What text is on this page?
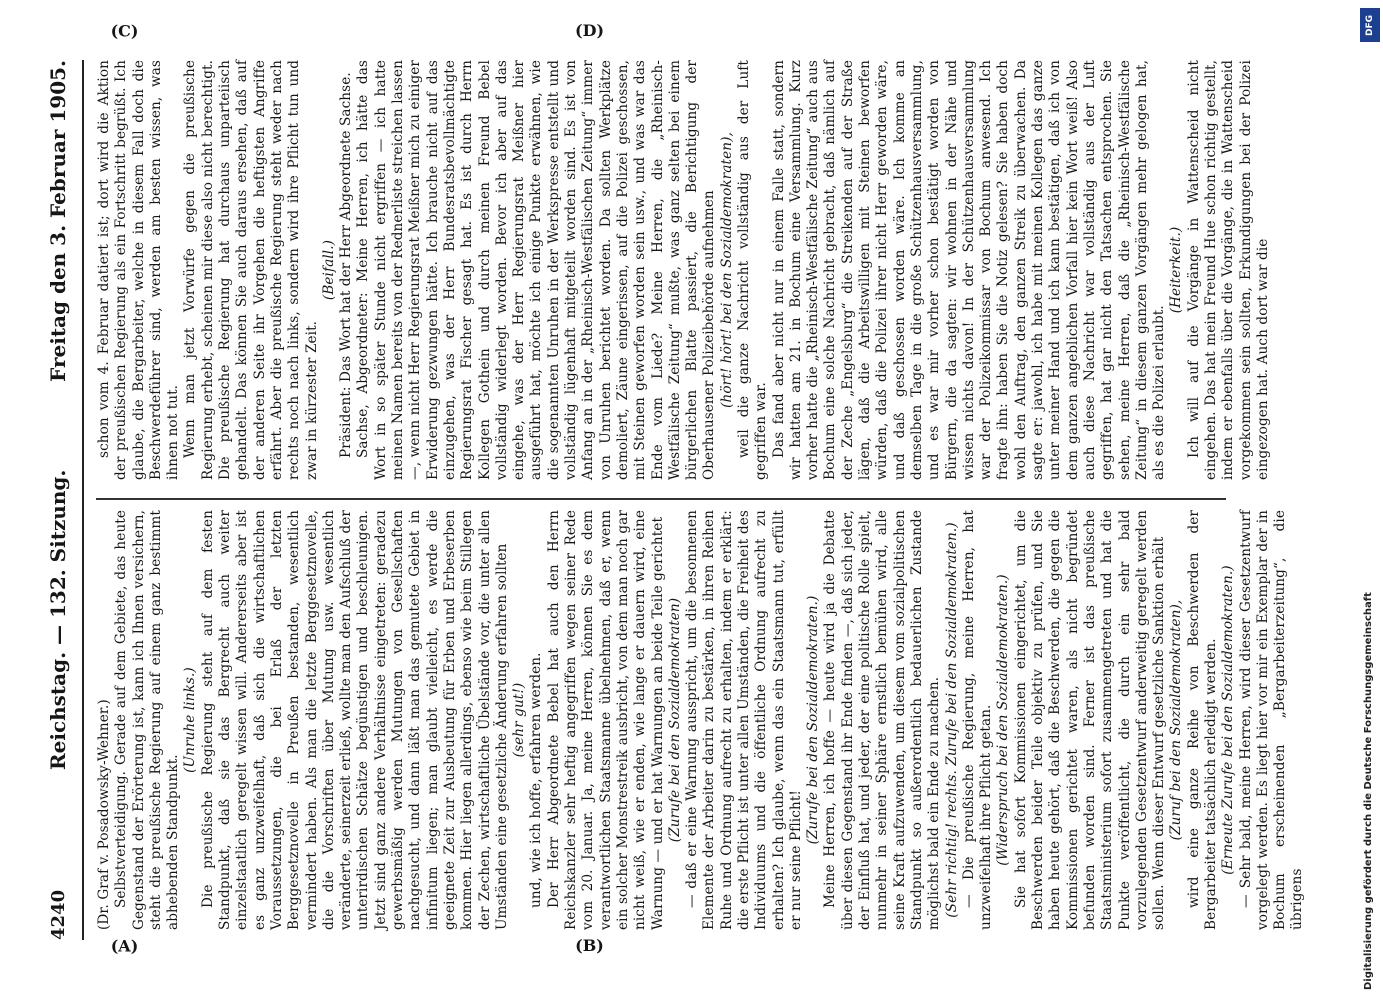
4240
Reichstag. — 132. Sitzung.
Freitag den 3. Februar 1905.
(A)	(B)
(C)	(D)

(Dr. Graf v. Posadowsky-Wehner.) Selbstverteidigung. Gerade auf dem Gebiete, das heute Gegenstand der Erörterung ist, kann ich Ihnen versichern, steht die preußische Regierung auf einem ganz bestimmt abhebenden Standpunkt.

(Unruhe links.) Die preußische Regierung steht auf dem festen Standpunkt, daß sie das Bergrecht auch weiter einzelstaatlich geregelt wissen will. Andererseits aber ist es ganz unzweifelhaft, daß sich die wirtschaftlichen Voraussetzungen, die bei Erlaß der letzten Berggesetznovelle in Preußen bestanden, wesentlich vermindert haben. Als man die letzte Berggesetznovelle, die die Vorschriften über Mutung usw. wesentlich veränderte, seinerzeit erließ, wollte man den Aufschluß der unterirdischen Schätze begünstigen und beschleunigen. Jetzt sind ganz andere Verhältnisse eingetreten: geradezu gewerbsmäßig werden Mutungen von Gesellschaften nachgesucht, und dann läßt man das gemutete Gebiet in infinitum liegen; man glaubt vielleicht, es werde die geeignete Zeit zur Ausbeutung für Erben und Erbeserben kommen. Hier liegen allerdings, ebenso wie beim Stillegen der Zechen, wirtschaftliche Übelstände vor, die unter allen Umständen eine gesetzliche Änderung erfahren sollten (sehr gut!) und, wie ich hoffe, erfahren werden. Der Herr Abgeordnete Bebel hat auch den Herrn Reichskanzler sehr heftig angegriffen wegen seiner Rede vom 20. Januar. Ja, meine Herren, können Sie es dem verantwortlichen Staatsmanne übelnehmen, daß er, wenn ein solcher Monstrestreik ausbricht, von dem man noch gar nicht weiß, wie er enden, wie lange er dauern wird, eine Warnung — und er hat Warnungen an beide Teile gerichtet (Zurufe bei den Sozialdemokraten) — daß er eine Warnung ausspricht, um die besonnenen Elemente der Arbeiter darin zu bestärken, in ihren Reihen Ruhe und Ordnung aufrecht zu erhalten, indem er erklärt: die erste Pflicht ist unter allen Umständen, die Freiheit des Individuums und die öffentliche Ordnung aufrecht zu erhalten? Ich glaube, wenn das ein Staatsmann tut, erfüllt er nur seine Pflicht!

(Zurufe bei den Sozialdemokraten.) Meine Herren, ich hoffe — heute wird ja die Debatte über diesen Gegenstand ihr Ende finden —, daß sich jeder, der Einfluß hat, und jeder, der eine politische Rolle spielt, nunmehr in seiner Sphäre ernstlich bemühen wird, alle seine Kraft aufzuwenden, um diesem vom sozialpolitischen Standpunkt so außerordentlich bedauerlichen Zustande möglichst bald ein Ende zu machen. (Sehr richtig! rechts. Zurufe bei den Sozialdemokraten.) — Die preußische Regierung, meine Herren, hat unzweifelhaft ihre Pflicht getan. (Widerspruch bei den Sozialdemokraten.) Sie hat sofort Kommissionen eingerichtet, um die Beschwerden beider Teile objektiv zu prüfen, und Sie haben heute gehört, daß die Beschwerden, die gegen die Kommissionen gerichtet waren, als nicht begründet befunden worden sind. Ferner ist das preußische Staatsministerium sofort zusammengetreten und hat die Punkte veröffentlicht, die durch ein sehr bald vorzulegenden Gesetzentwurf anderweitig geregelt werden sollen. Wenn dieser Entwurf gesetzliche Sanktion erhält (Zuruf bei den Sozialdemokraten), wird eine ganze Reihe von Beschwerden der Bergarbeiter tatsächlich erledigt werden. (Erneute Zurufe bei den Sozialdemokraten.) — Sehr bald, meine Herren, wird dieser Gesetzentwurf vorgelegt werden. Es liegt hier vor mir ein Exemplar der in Bochum erscheinenden „Bergarbeiterzeitung“, die übrigens

schon vom 4. Februar datiert ist; dort wird die Aktion der preußischen Regierung als ein Fortschritt begrüßt. Ich glaube, die Bergarbeiter, welche in diesem Fall doch die Beschwerdeführer sind, werden am besten wissen, was ihnen not tut. Wenn man jetzt Vorwürfe gegen die preußische Regierung erhebt, scheinen mir diese also nicht berechtigt. Die preußische Regierung hat durchaus unparteiisch gehandelt. Das können Sie auch daraus ersehen, daß auf der anderen Seite ihr Vorgehen die heftigsten Angriffe erfährt. Aber die preußische Regierung steht weder nach rechts noch nach links, sondern wird ihre Pflicht tun und zwar in kürzester Zeit.

(Beifall.) Präsident: Das Wort hat der Herr Abgeordnete Sachse. Sachse, Abgeordneter: Meine Herren, ich hätte das Wort in so später Stunde nicht ergriffen — ich hatte meinen Namen bereits von der Rednerliste streichen lassen —, wenn nicht Herr Regierungsrat Meißner mich zu einiger Erwiderung gezwungen hätte. Ich brauche nicht auf das einzugehen, was der Herr Bundesratsbevollmächtigte Regierungsrat Fischer gesagt hat. Es ist durch Herrn Kollegen Gothein und durch meinen Freund Bebel vollständig widerlegt worden. Bevor ich aber auf das eingehe, was der Herr Regierungsrat Meißner hier ausgeführt hat, möchte ich einige Punkte erwähnen, wie die sogenannten Unruhen in der Werkspresse entstellt und vollständig lügenhaft mitgeteilt worden sind. Es ist von Anfang an in der „Rheinisch-Westfälischen Zeitung“ immer von Unruhen berichtet worden. Da sollten Werkplätze demoliert, Zäune eingerissen, auf die Polizei geschossen, mit Steinen geworfen worden sein usw., und was war das Ende vom Liede? Meine Herren, die „Rheinisch-Westfälische Zeitung“ mußte, was ganz selten bei einem bürgerlichen Blatte passiert, die Berichtigung der Oberhausener Polizeibehörde aufnehmen (hört! hört! bei den Sozialdemokraten), weil die ganze Nachricht vollständig aus der Luft gegriffen war. Das fand aber nicht nur in einem Falle statt, sondern wir hatten am 21. in Bochum eine Versammlung. Kurz vorher hatte die „Rheinisch-Westfälische Zeitung“ auch aus Bochum eine solche Nachricht gebracht, daß nämlich auf der Zeche „Engelsburg“ die Streikenden auf der Straße lägen, daß die Arbeitswilligen mit Steinen beworfen würden, daß die Polizei ihrer nicht Herr geworden wäre, und daß geschossen worden wäre. Ich komme an demselben Tage in die große Schützenhausversammlung, und es war mir vorher schon bestätigt worden von Bürgern, die da sagten: wir wohnen in der Nähe und wissen nichts davon! In der Schützenhausversammlung war der Polizeikommissar von Bochum anwesend. Ich fragte ihn: haben Sie die Notiz gelesen? Sie haben doch wohl den Auftrag, den ganzen Streik zu überwachen. Da sagte er: jawohl, ich habe mit meinen Kollegen das ganze unter meiner Hand und ich kann bestätigen, daß ich von dem ganzen angeblichen Vorfall hier kein Wort weiß! Also auch diese Nachricht war vollständig aus der Luft gegriffen, hat gar nicht den Tatsachen entsprochen. Sie sehen, meine Herren, daß die „Rheinisch-Westfälische Zeitung“ in diesem ganzen Vorgängen mehr gelogen hat, als es die Polizei erlaubt.

(Heiterkeit.) Ich will auf die Vorgänge in Wattenscheid nicht eingehen. Das hat mein Freund Hue schon richtig gestellt, indem er ebenfalls über die Vorgänge, die in Wattenscheid vorgekommen sein sollten, Erkundigungen bei der Polizei eingezogen hat. Auch dort war die

DFG
Digitalisierung gefördert durch die Deutsche Forschungsgemeinschaft
